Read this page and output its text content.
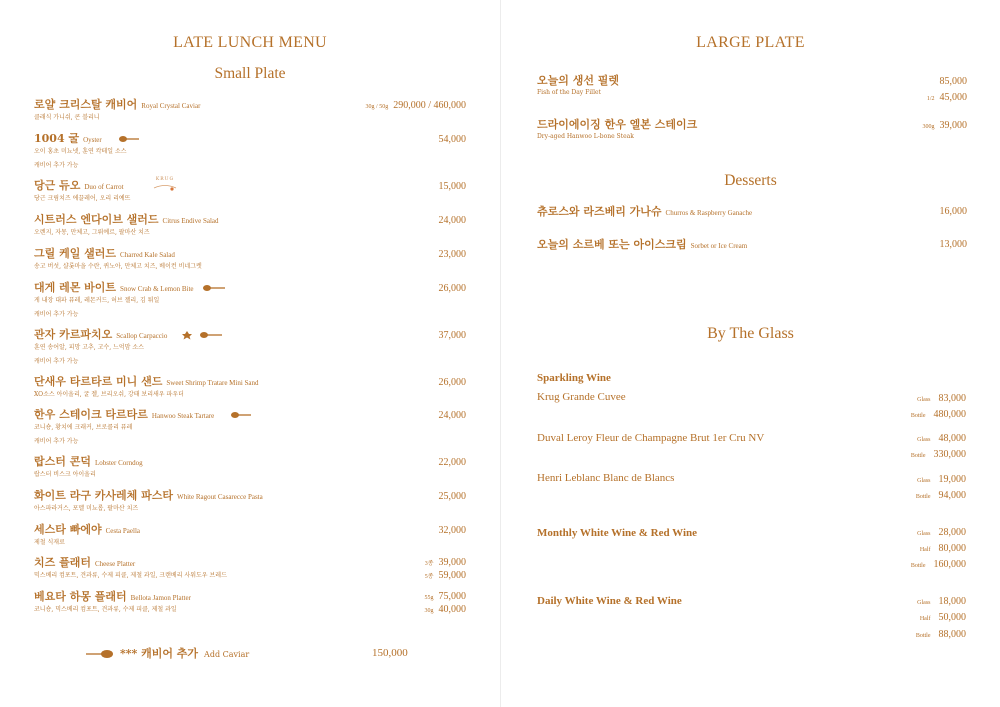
LATE LUNCH MENU
Small Plate
로얄 크리스탈 캐비어 Royal Crystal Caviar
클래식 가니쉬, 콘 블리니
30g / 50g 290,000 / 460,000
1004 굴 Oyster
오이 홍초 미뇨넷, 훈연 칵테일 소스
캐비어 추가 가능
54,000
당근 듀오 Duo of Carrot
당근 크림치즈 에끌레어, 오리 리예뜨
15,000
KRUG

시트러스 엔다이브 샐러드 Citrus Endive Salad
오렌지, 자몽, 만체고, 그뤼예르, 팔마산 치즈
24,000
그릴 케일 샐러드 Charred Kale Salad
송고 버섯, 샬롯마을 수란, 퀴노아, 만체고 치즈, 베이컨 비네그렛
23,000
대게 레몬 바이트 Snow Crab & Lemon Bite
게 내장 대파 퓨레, 레몬커드, 허브 젤리, 김 튀일
캐비어 추가 가능
26,000
관자 카르파치오 Scallop Carpaccio
훈연 송어알, 피망 고추, 고수, 느억맘 소스
캐비어 추가 가능
37,000
단새우 타르타르 미니 샌드 Sweet Shrimp Tratare Mini Sand
XO소스 아이올리, 굴 젤, 브리오쉬, 강태 보리새우 파우더
26,000
한우 스테이크 타르타르 Hanwoo Steak Tartare
코니숑, 황치에 크래커, 브로콜리 퓨레
캐비어 추가 가능
24,000
랍스터 콘덕 Lobster Corndog
랍스터 비스크 아이올리
22,000
화이트 라구 카사레체 파스타 White Ragout Casarecce Pasta
아스파라거스, 포멜 미뇨롭, 팔마산 치즈
25,000
세스타 빠에야 Cesta Paella
제철 식재료
32,000
치즈 플래터 Cheese Platter
믹스베리 컴포트, 견과류, 수제 피클, 제철 과일, 크랜베리 사워도우 브레드
3종 39,000
5종 59,000
베요타 하몽 플래터 Bellota Jamon Platter
코니숑, 믹스베리 컴포트, 견과류, 수제 피클, 제철 과일
55g 75,000
30g 40,000
*** 캐비어 추가 Add Caviar	150,000
LARGE PLATE
오늘의 생선 필렛
Fish of the Day Fillet
85,000
1/2 45,000
드라이에이징 한우 엘본 스테이크
Dry-aged Hanwoo L-bone Steak
300g 39,000
Desserts
츄로스와 라즈베리 가나슈 Churros & Raspberry Ganache	16,000
오늘의 소르베 또는 아이스크림 Sorbet or Ice Cream	13,000
By The Glass
Sparkling Wine
Krug Grande Cuvee	Glass 83,000
Bottle 480,000
Duval Leroy Fleur de Champagne Brut 1er Cru NV	Glass 48,000
Bottle 330,000
Henri Leblanc Blanc de Blancs	Glass 19,000
Bottle 94,000
Monthly White Wine & Red Wine	Glass 28,000
Half 80,000
Bottle 160,000
Daily White Wine & Red Wine	Glass 18,000
Half 50,000
Bottle 88,000
